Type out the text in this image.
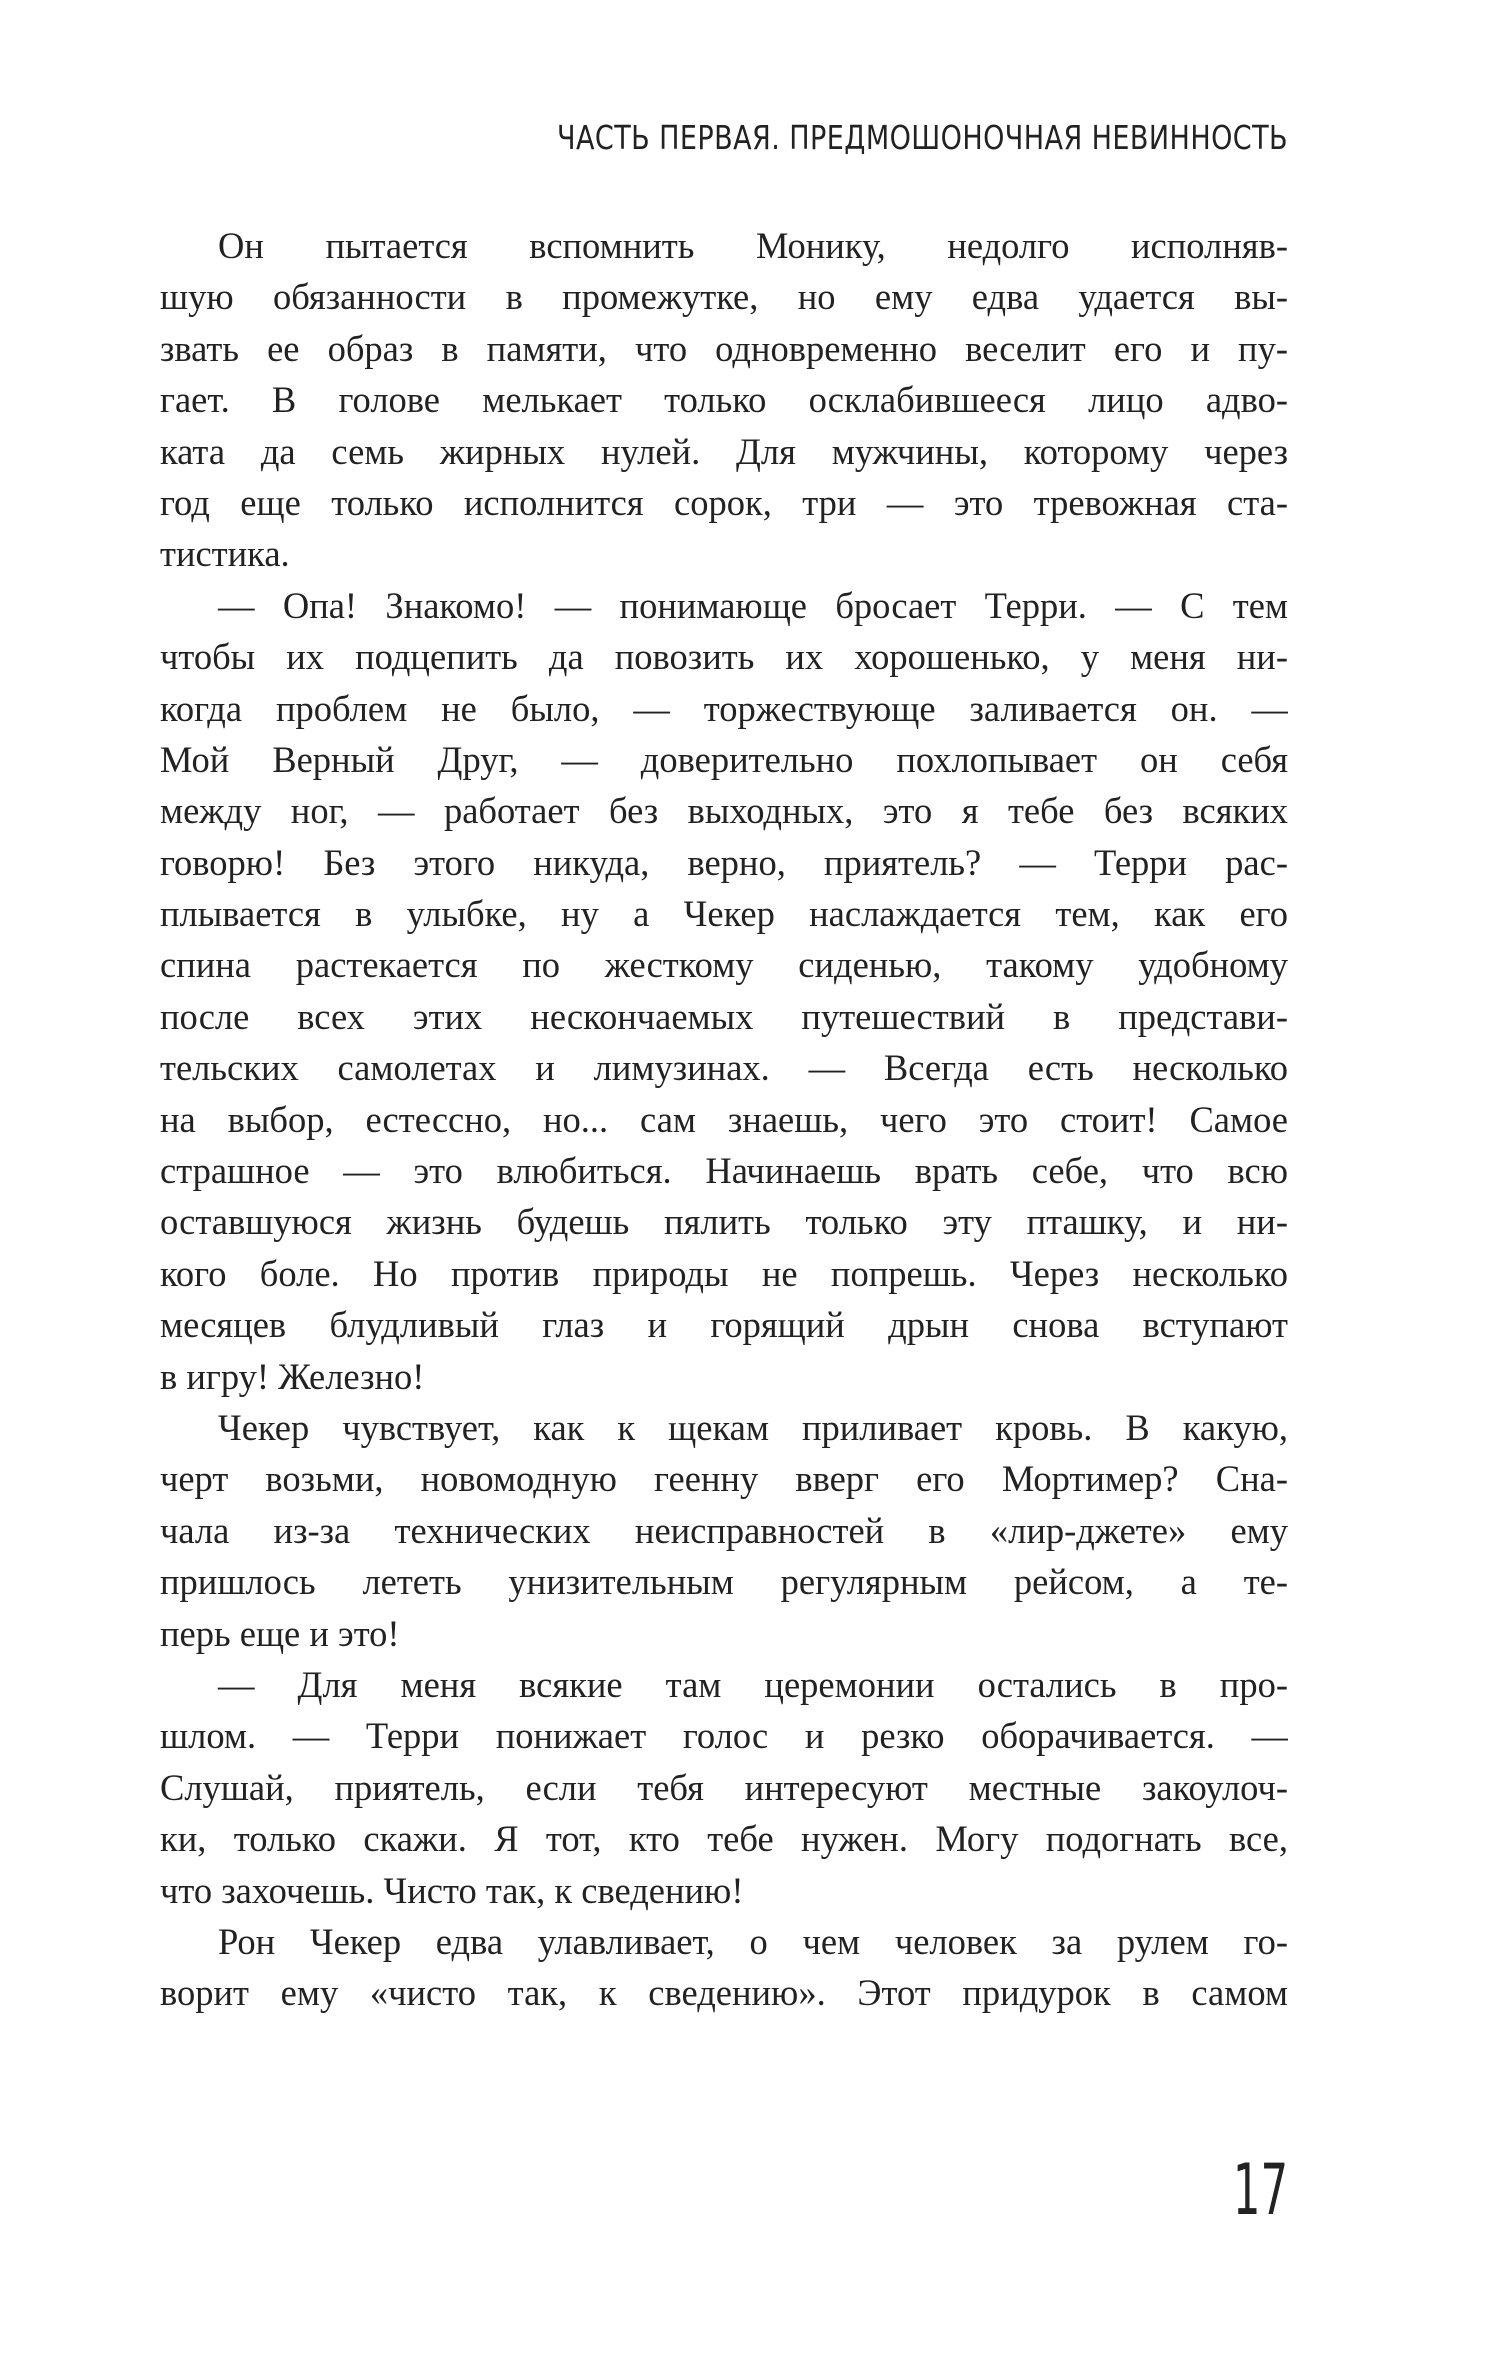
ЧАСТЬ ПЕРВАЯ. ПРЕДМОШОНОЧНАЯ НЕВИННОСТЬ
Он пытается вспомнить Монику, недолго исполняв-
шую обязанности в промежутке, но ему едва удается вы-
звать ее образ в памяти, что одновременно веселит его и пу-
гает. В голове мелькает только осклабившееся лицо адво-
ката да семь жирных нулей. Для мужчины, которому через
год еще только исполнится сорок, три — это тревожная ста-
тистика.
— Опа! Знакомо! — понимающе бросает Терри. — С тем
чтобы их подцепить да повозить их хорошенько, у меня ни-
когда проблем не было, — торжествующе заливается он. —
Мой Верный Друг, — доверительно похлопывает он себя
между ног, — работает без выходных, это я тебе без всяких
говорю! Без этого никуда, верно, приятель? — Терри рас-
плывается в улыбке, ну а Чекер наслаждается тем, как его
спина растекается по жесткому сиденью, такому удобному
после всех этих нескончаемых путешествий в представи-
тельских самолетах и лимузинах. — Всегда есть несколько
на выбор, естессно, но... сам знаешь, чего это стоит! Самое
страшное — это влюбиться. Начинаешь врать себе, что всю
оставшуюся жизнь будешь пялить только эту пташку, и ни-
кого боле. Но против природы не попрешь. Через несколько
месяцев блудливый глаз и горящий дрын снова вступают
в игру! Железно!
Чекер чувствует, как к щекам приливает кровь. В какую,
черт возьми, новомодную геенну вверг его Мортимер? Сна-
чала из-за технических неисправностей в «лир-джете» ему
пришлось лететь унизительным регулярным рейсом, а те-
перь еще и это!
— Для меня всякие там церемонии остались в про-
шлом. — Терри понижает голос и резко оборачивается. —
Слушай, приятель, если тебя интересуют местные закоулоч-
ки, только скажи. Я тот, кто тебе нужен. Могу подогнать все,
что захочешь. Чисто так, к сведению!
Рон Чекер едва улавливает, о чем человек за рулем го-
ворит ему «чисто так, к сведению». Этот придурок в самом
17
